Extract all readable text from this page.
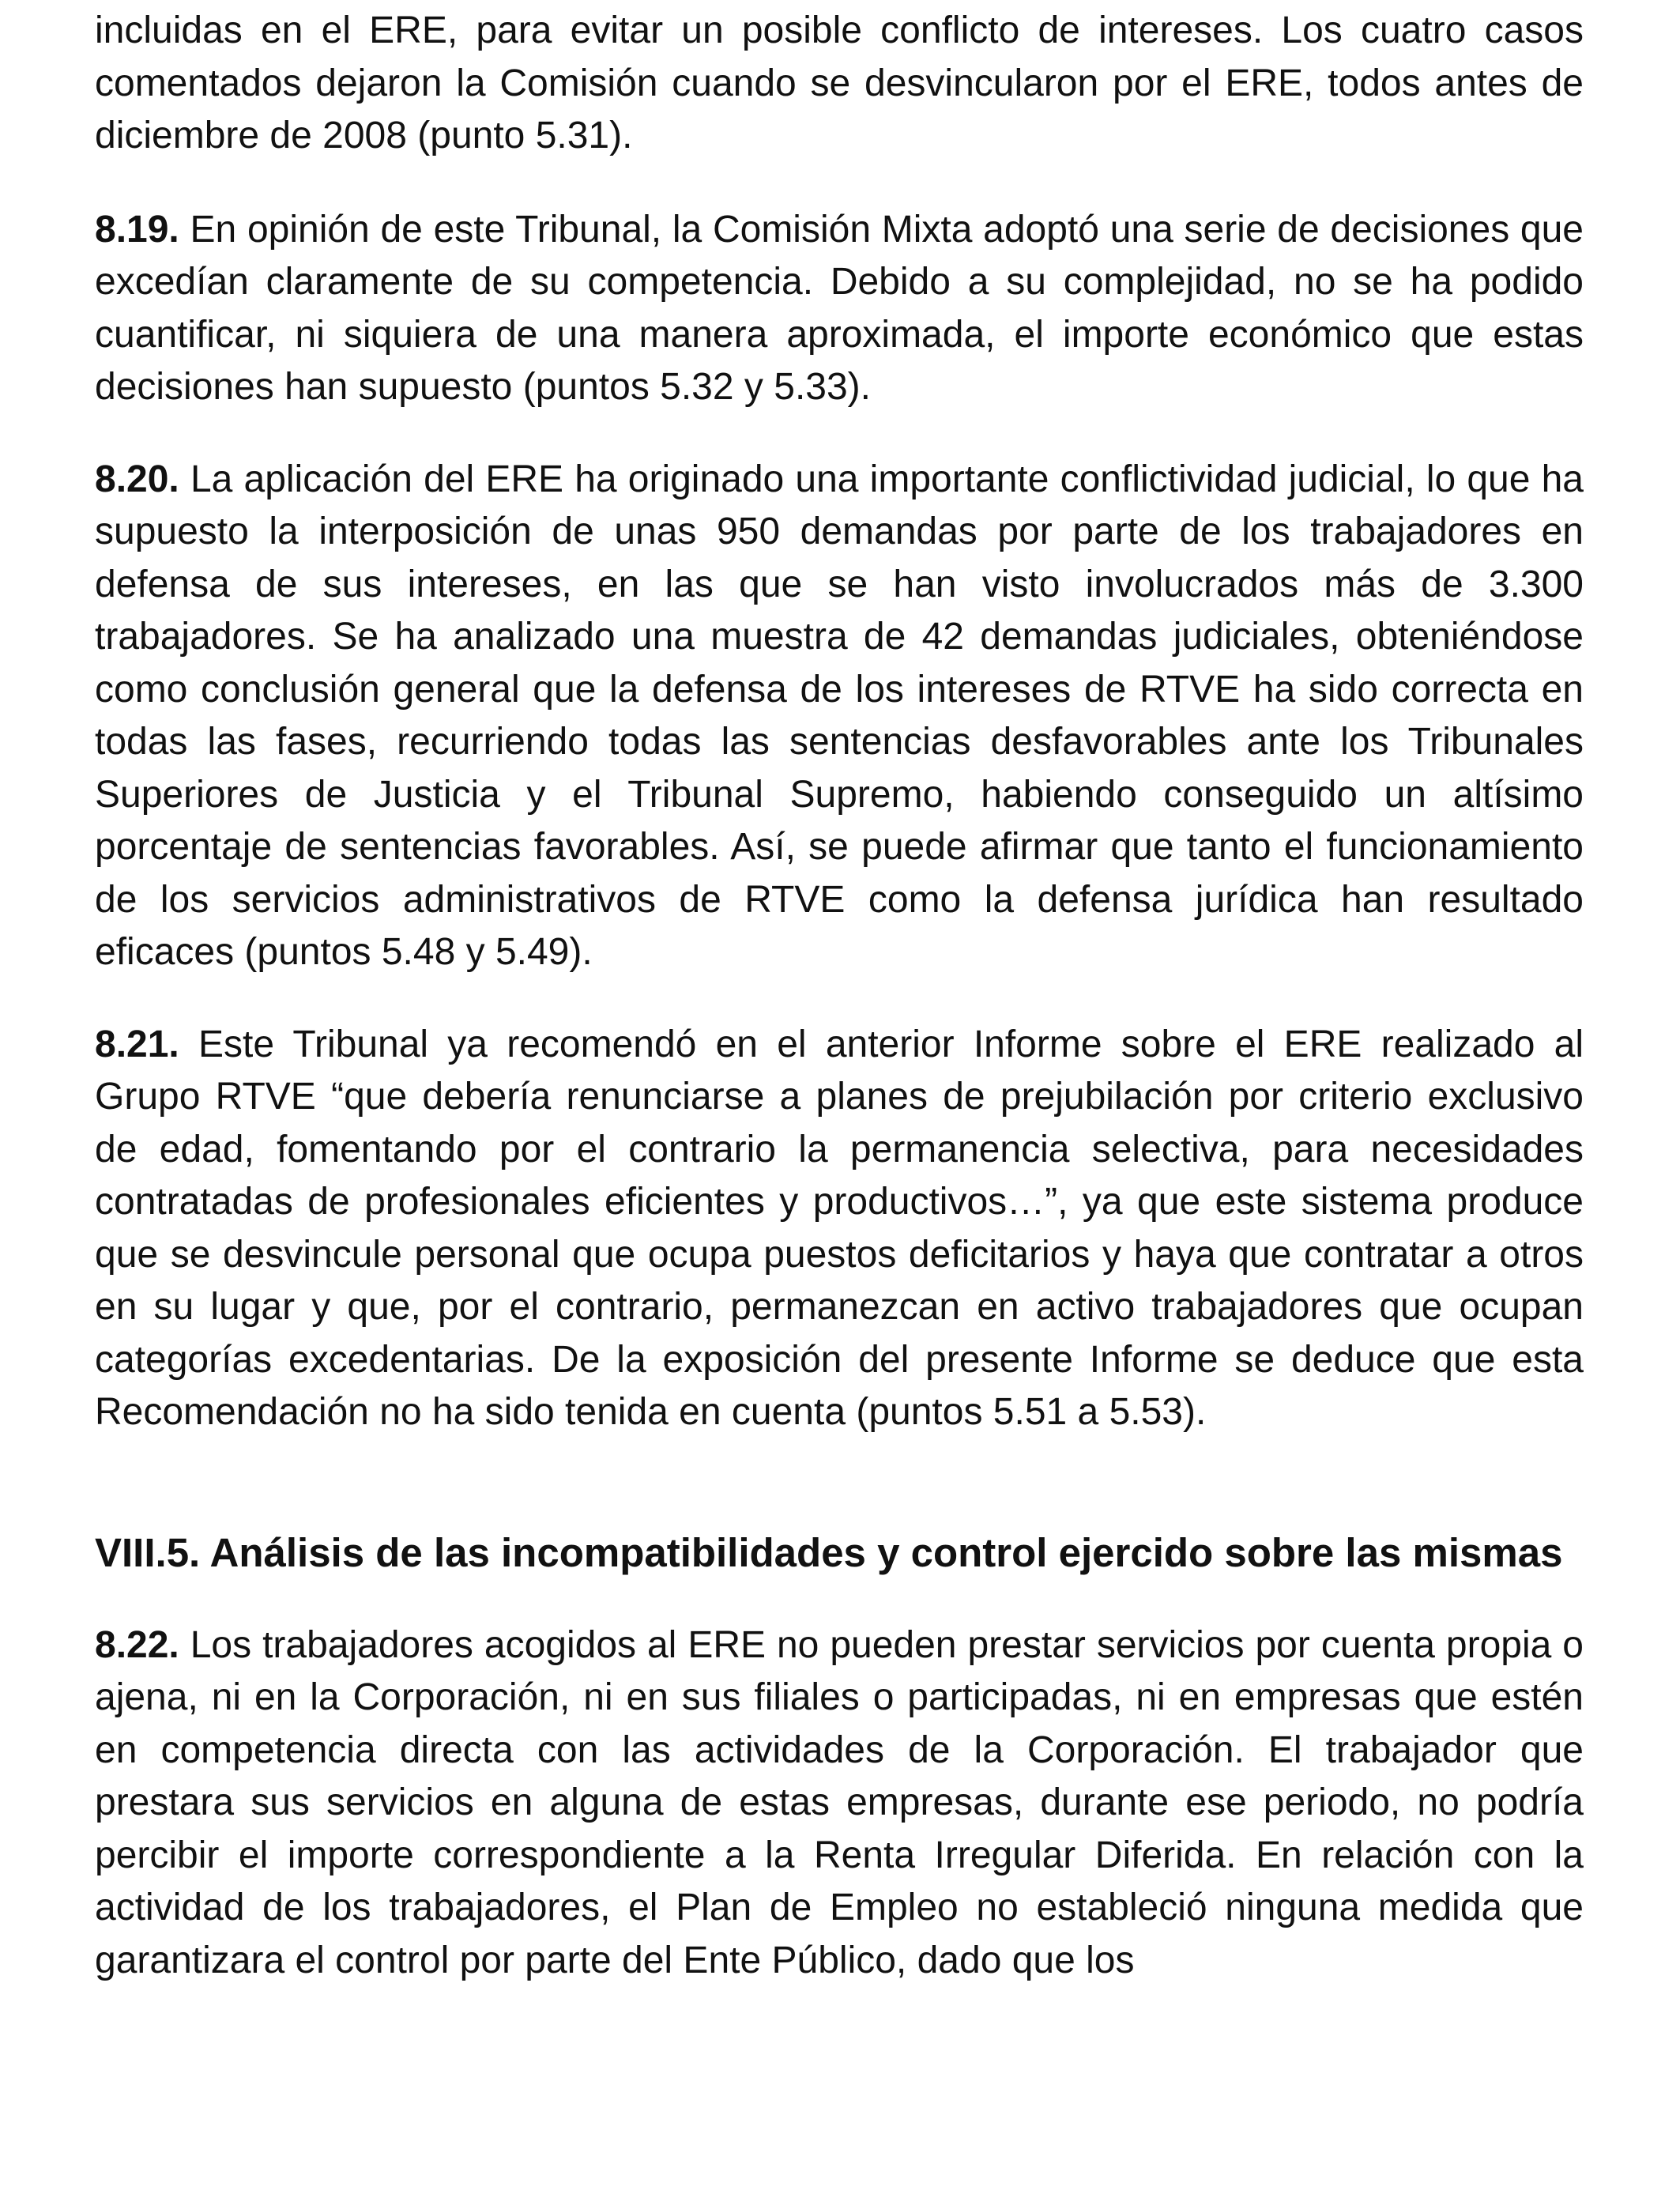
incluidas en el ERE, para evitar un posible conflicto de intereses. Los cuatro casos comentados dejaron la Comisión cuando se desvincularon por el ERE, todos antes de diciembre de 2008 (punto 5.31).

8.19. En opinión de este Tribunal, la Comisión Mixta adoptó una serie de decisiones que excedían claramente de su competencia. Debido a su complejidad, no se ha podido cuantificar, ni siquiera de una manera aproximada, el importe económico que estas decisiones han supuesto (puntos 5.32 y 5.33).

8.20. La aplicación del ERE ha originado una importante conflictividad judicial, lo que ha supuesto la interposición de unas 950 demandas por parte de los trabajadores en defensa de sus intereses, en las que se han visto involucrados más de 3.300 trabajadores. Se ha analizado una muestra de 42 demandas judiciales, obteniéndose como conclusión general que la defensa de los intereses de RTVE ha sido correcta en todas las fases, recurriendo todas las sentencias desfavorables ante los Tribunales Superiores de Justicia y el Tribunal Supremo, habiendo conseguido un altísimo porcentaje de sentencias favorables. Así, se puede afirmar que tanto el funcionamiento de los servicios administrativos de RTVE como la defensa jurídica han resultado eficaces (puntos 5.48 y 5.49).

8.21. Este Tribunal ya recomendó en el anterior Informe sobre el ERE realizado al Grupo RTVE “que debería renunciarse a planes de prejubilación por criterio exclusivo de edad, fomentando por el contrario la permanencia selectiva, para necesidades contratadas de profesionales eficientes y productivos…”, ya que este sistema produce que se desvincule personal que ocupa puestos deficitarios y haya que contratar a otros en su lugar y que, por el contrario, permanezcan en activo trabajadores que ocupan categorías excedentarias. De la exposición del presente Informe se deduce que esta Recomendación no ha sido tenida en cuenta (puntos 5.51 a 5.53).

VIII.5. Análisis de las incompatibilidades y control ejercido sobre las mismas

8.22. Los trabajadores acogidos al ERE no pueden prestar servicios por cuenta propia o ajena, ni en la Corporación, ni en sus filiales o participadas, ni en empresas que estén en competencia directa con las actividades de la Corporación. El trabajador que prestara sus servicios en alguna de estas empresas, durante ese periodo, no podría percibir el importe correspondiente a la Renta Irregular Diferida. En relación con la actividad de los trabajadores, el Plan de Empleo no estableció ninguna medida que garantizara el control por parte del Ente Público, dado que los
